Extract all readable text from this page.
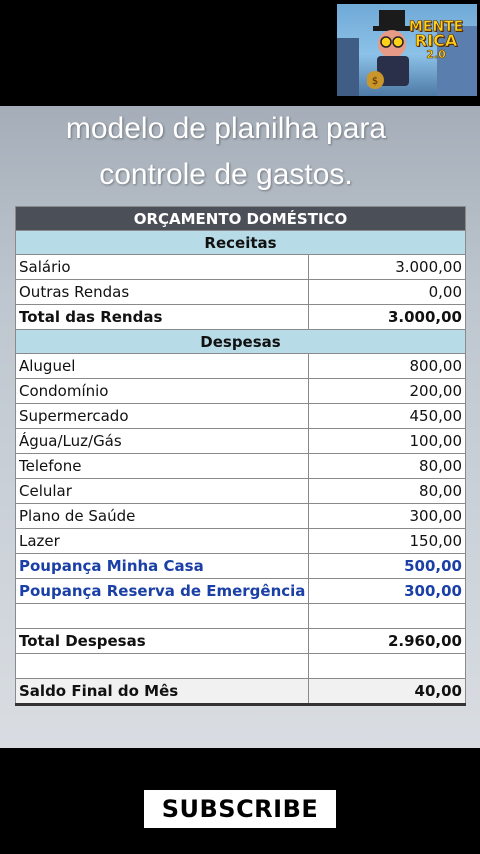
$
MENTE
RICA
2.0
modelo de planilha para
controle de gastos.
ORÇAMENTO DOMÉSTICO	
Receitas	
Salário	3.000,00
Outras Rendas	0,00
Total das Rendas	3.000,00
Despesas	
Aluguel	800,00
Condomínio	200,00
Supermercado	450,00
Água/Luz/Gás	100,00
Telefone	80,00
Celular	80,00
Plano de Saúde	300,00
Lazer	150,00
Poupança Minha Casa	500,00
Poupança Reserva de Emergência	300,00

Total Despesas	2.960,00

Saldo Final do Mês	40,00
SUBSCRIBE
